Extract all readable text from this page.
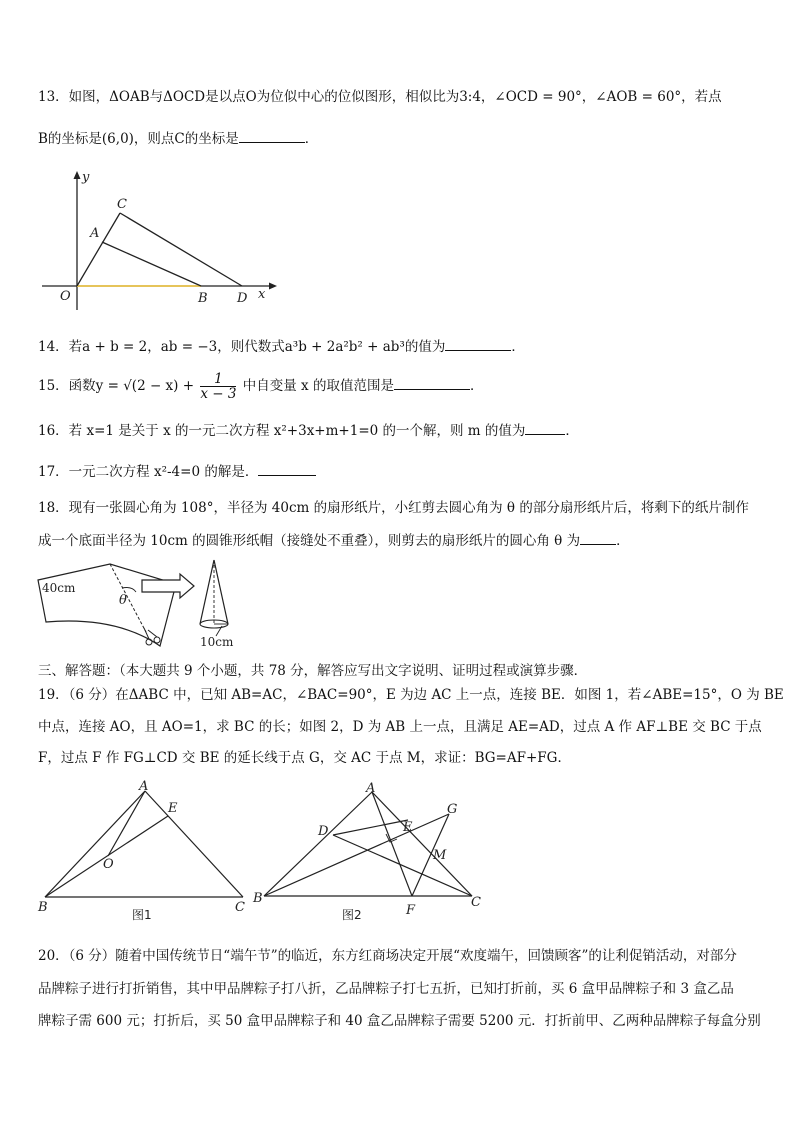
13．如图，ΔOAB与ΔOCD是以点O为位似中心的位似图形，相似比为3:4，∠OCD = 90°，∠AOB = 60°，若点
B的坐标是(6,0)，则点C的坐标是	．
y
x
O
A
C
B D
14．若a + b = 2，ab = −3，则代数式a³b + 2a²b² + ab³的值为	．
15．函数$y = √(2 - x) + \frac{1}{x - 3}$ 中自变量 x 的取值范围是	．
16．若 x=1 是关于 x 的一元二次方程 x²+3x+m+1=0 的一个解，则 m 的值为	．
17．一元二次方程 x²-4=0 的解是．
18．现有一张圆心角为 108°，半径为 40cm 的扇形纸片，小红剪去圆心角为 θ 的部分扇形纸片后，将剩下的纸片制作
成一个底面半径为 10cm 的圆锥形纸帽（接缝处不重叠），则剪去的扇形纸片的圆心角 θ 为	．
40cm
θ
10cm
三、解答题：（本大题共 9 个小题，共 78 分，解答应写出文字说明、证明过程或演算步骤．
19．（6 分）在ΔABC 中，已知 AB=AC，∠BAC=90°，E 为边 AC 上一点，连接 BE．如图 1，若∠ABE=15°，O 为 BE
中点，连接 AO，且 AO=1，求 BC 的长；如图 2，D 为 AB 上一点，且满足 AE=AD，过点 A 作 AF⊥BE 交 BC 于点
F，过点 F 作 FG⊥CD 交 BE 的延长线于点 G，交 AC 于点 M，求证：BG=AF+FG．
A
E
O
B	C
图1
A
D	E
G
M
B
F
C
图2
20．（6 分）随着中国传统节日“端午节”的临近，东方红商场决定开展“欢度端午，回馈顾客”的让利促销活动，对部分
品牌粽子进行打折销售，其中甲品牌粽子打八折，乙品牌粽子打七五折，已知打折前，买 6 盒甲品牌粽子和 3 盒乙品
牌粽子需 600 元；打折后，买 50 盒甲品牌粽子和 40 盒乙品牌粽子需要 5200 元．打折前甲、乙两种品牌粽子每盒分别
